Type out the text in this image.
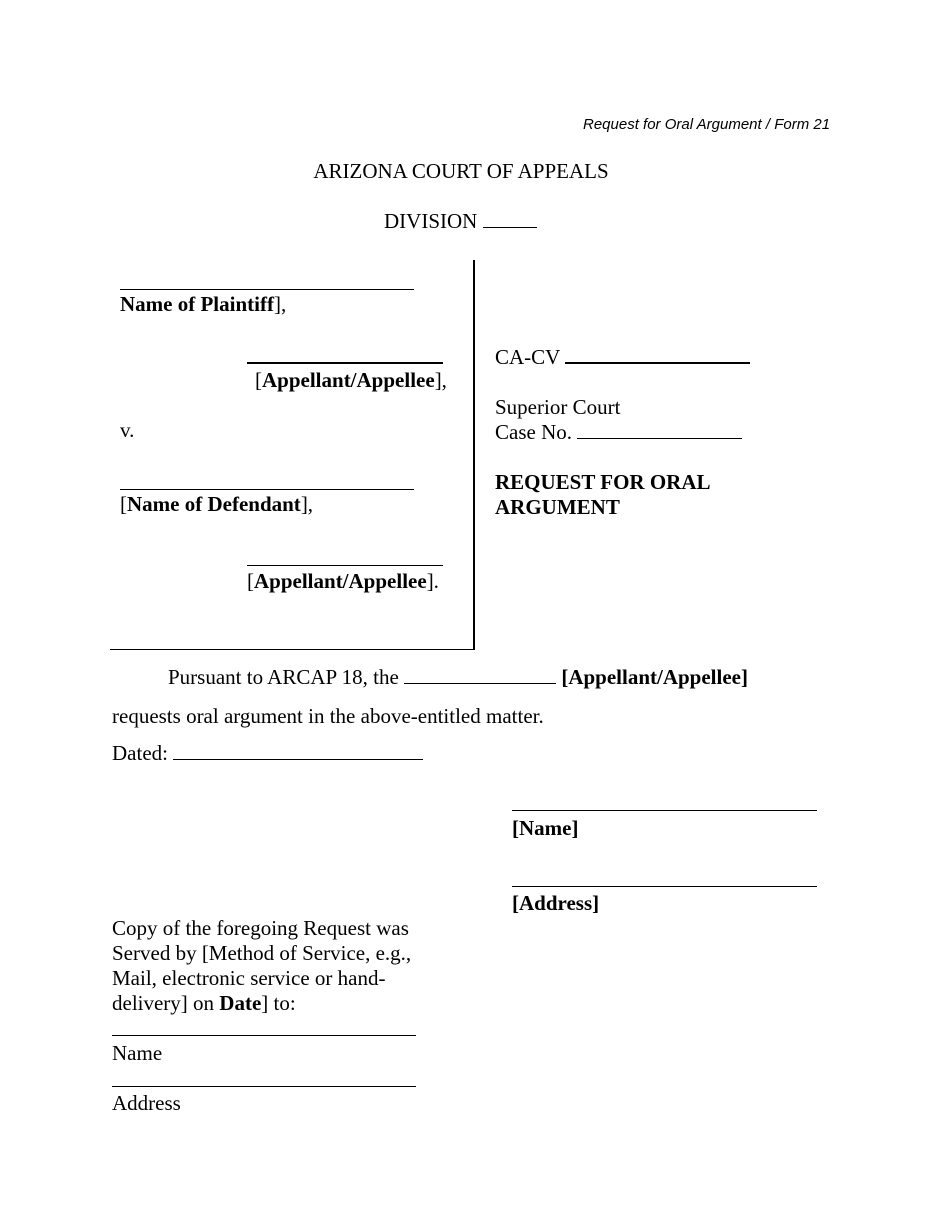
Request for Oral Argument / Form 21
ARIZONA COURT OF APPEALS
DIVISION
Name of Plaintiff],
[Appellant/Appellee],
v.
[Name of Defendant],
[Appellant/Appellee].
CA-CV
Superior Court
Case No.
REQUEST FOR ORAL
ARGUMENT
Pursuant to ARCAP 18, the	[Appellant/Appellee]
requests oral argument in the above-entitled matter.
Dated:
[Name]
[Address]
Copy of the foregoing Request was
Served by [Method of Service, e.g.,
Mail, electronic service or hand-
delivery] on Date] to:
Name
Address
